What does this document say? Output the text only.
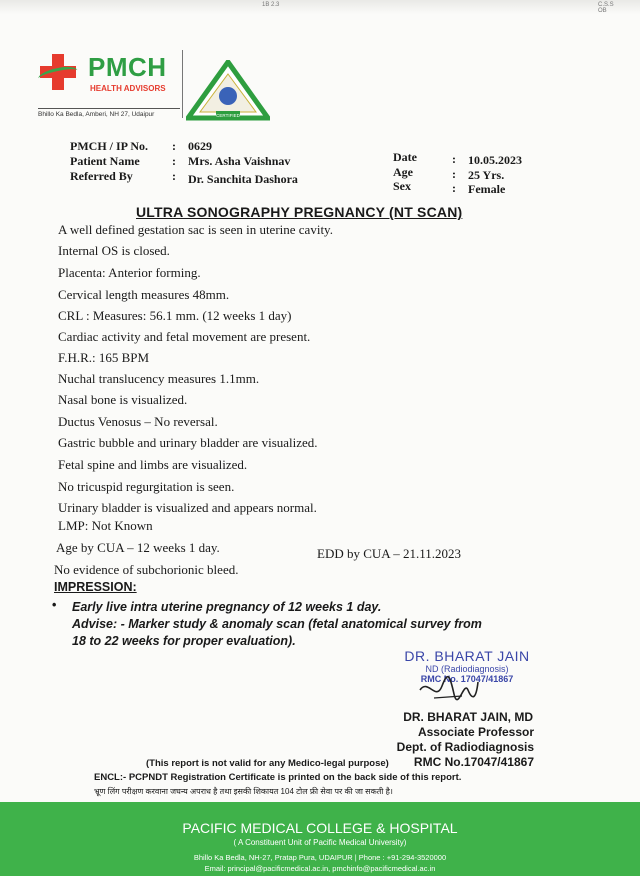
1B 2.3	C.S.S
OB
PMCH
HEALTH ADVISORS
Bhillo Ka Bedla, Amberi, NH 27, Udaipur	CERTIFIED
PMCH / IP No. : 0629
Patient Name	: Mrs. Asha Vaishnav
Referred By	: Dr. Sanchita Dashora
Date	: 10.05.2023
Age	: 25 Yrs.
Sex	: Female
ULTRA SONOGRAPHY PREGNANCY (NT SCAN)
A well defined gestation sac is seen in uterine cavity.
Internal OS is closed.
Placenta: Anterior forming.
Cervical length measures 48mm.
CRL : Measures: 56.1 mm. (12 weeks 1 day)
Cardiac activity and fetal movement are present.
F.H.R.: 165 BPM
Nuchal translucency measures 1.1mm.
Nasal bone is visualized.
Ductus Venosus – No reversal.
Gastric bubble and urinary bladder are visualized.
Fetal spine and limbs are visualized.
No tricuspid regurgitation is seen.
Urinary bladder is visualized and appears normal.
LMP: Not Known
Age by CUA – 12 weeks 1 day.
No evidence of subchorionic bleed.
EDD by CUA – 21.11.2023
IMPRESSION:
• Early live intra uterine pregnancy of 12 weeks 1 day.
Advise: - Marker study & anomaly scan (fetal anatomical survey from
18 to 22 weeks for proper evaluation).
DR. BHARAT JAIN
ND (Radiodiagnosis)
RMC No. 17047/41867
DR. BHARAT JAIN, MD
Associate Professor
Dept. of Radiodiagnosis
RMC No.17047/41867
(This report is not valid for any Medico-legal purpose)
ENCL:- PCPNDT Registration Certificate is printed on the back side of this report.
भ्रूण लिंग परीक्षण करवाना जघन्य अपराध है तथा इसकी शिकायत 104 टोल फ्री सेवा पर की जा सकती है।
PACIFIC MEDICAL COLLEGE & HOSPITAL
( A Constituent Unit of Pacific Medical University)
Bhillo Ka Bedla, NH-27, Pratap Pura, UDAIPUR | Phone : +91-294-3520000
Email: principal@pacificmedical.ac.in, pmchinfo@pacificmedical.ac.in
